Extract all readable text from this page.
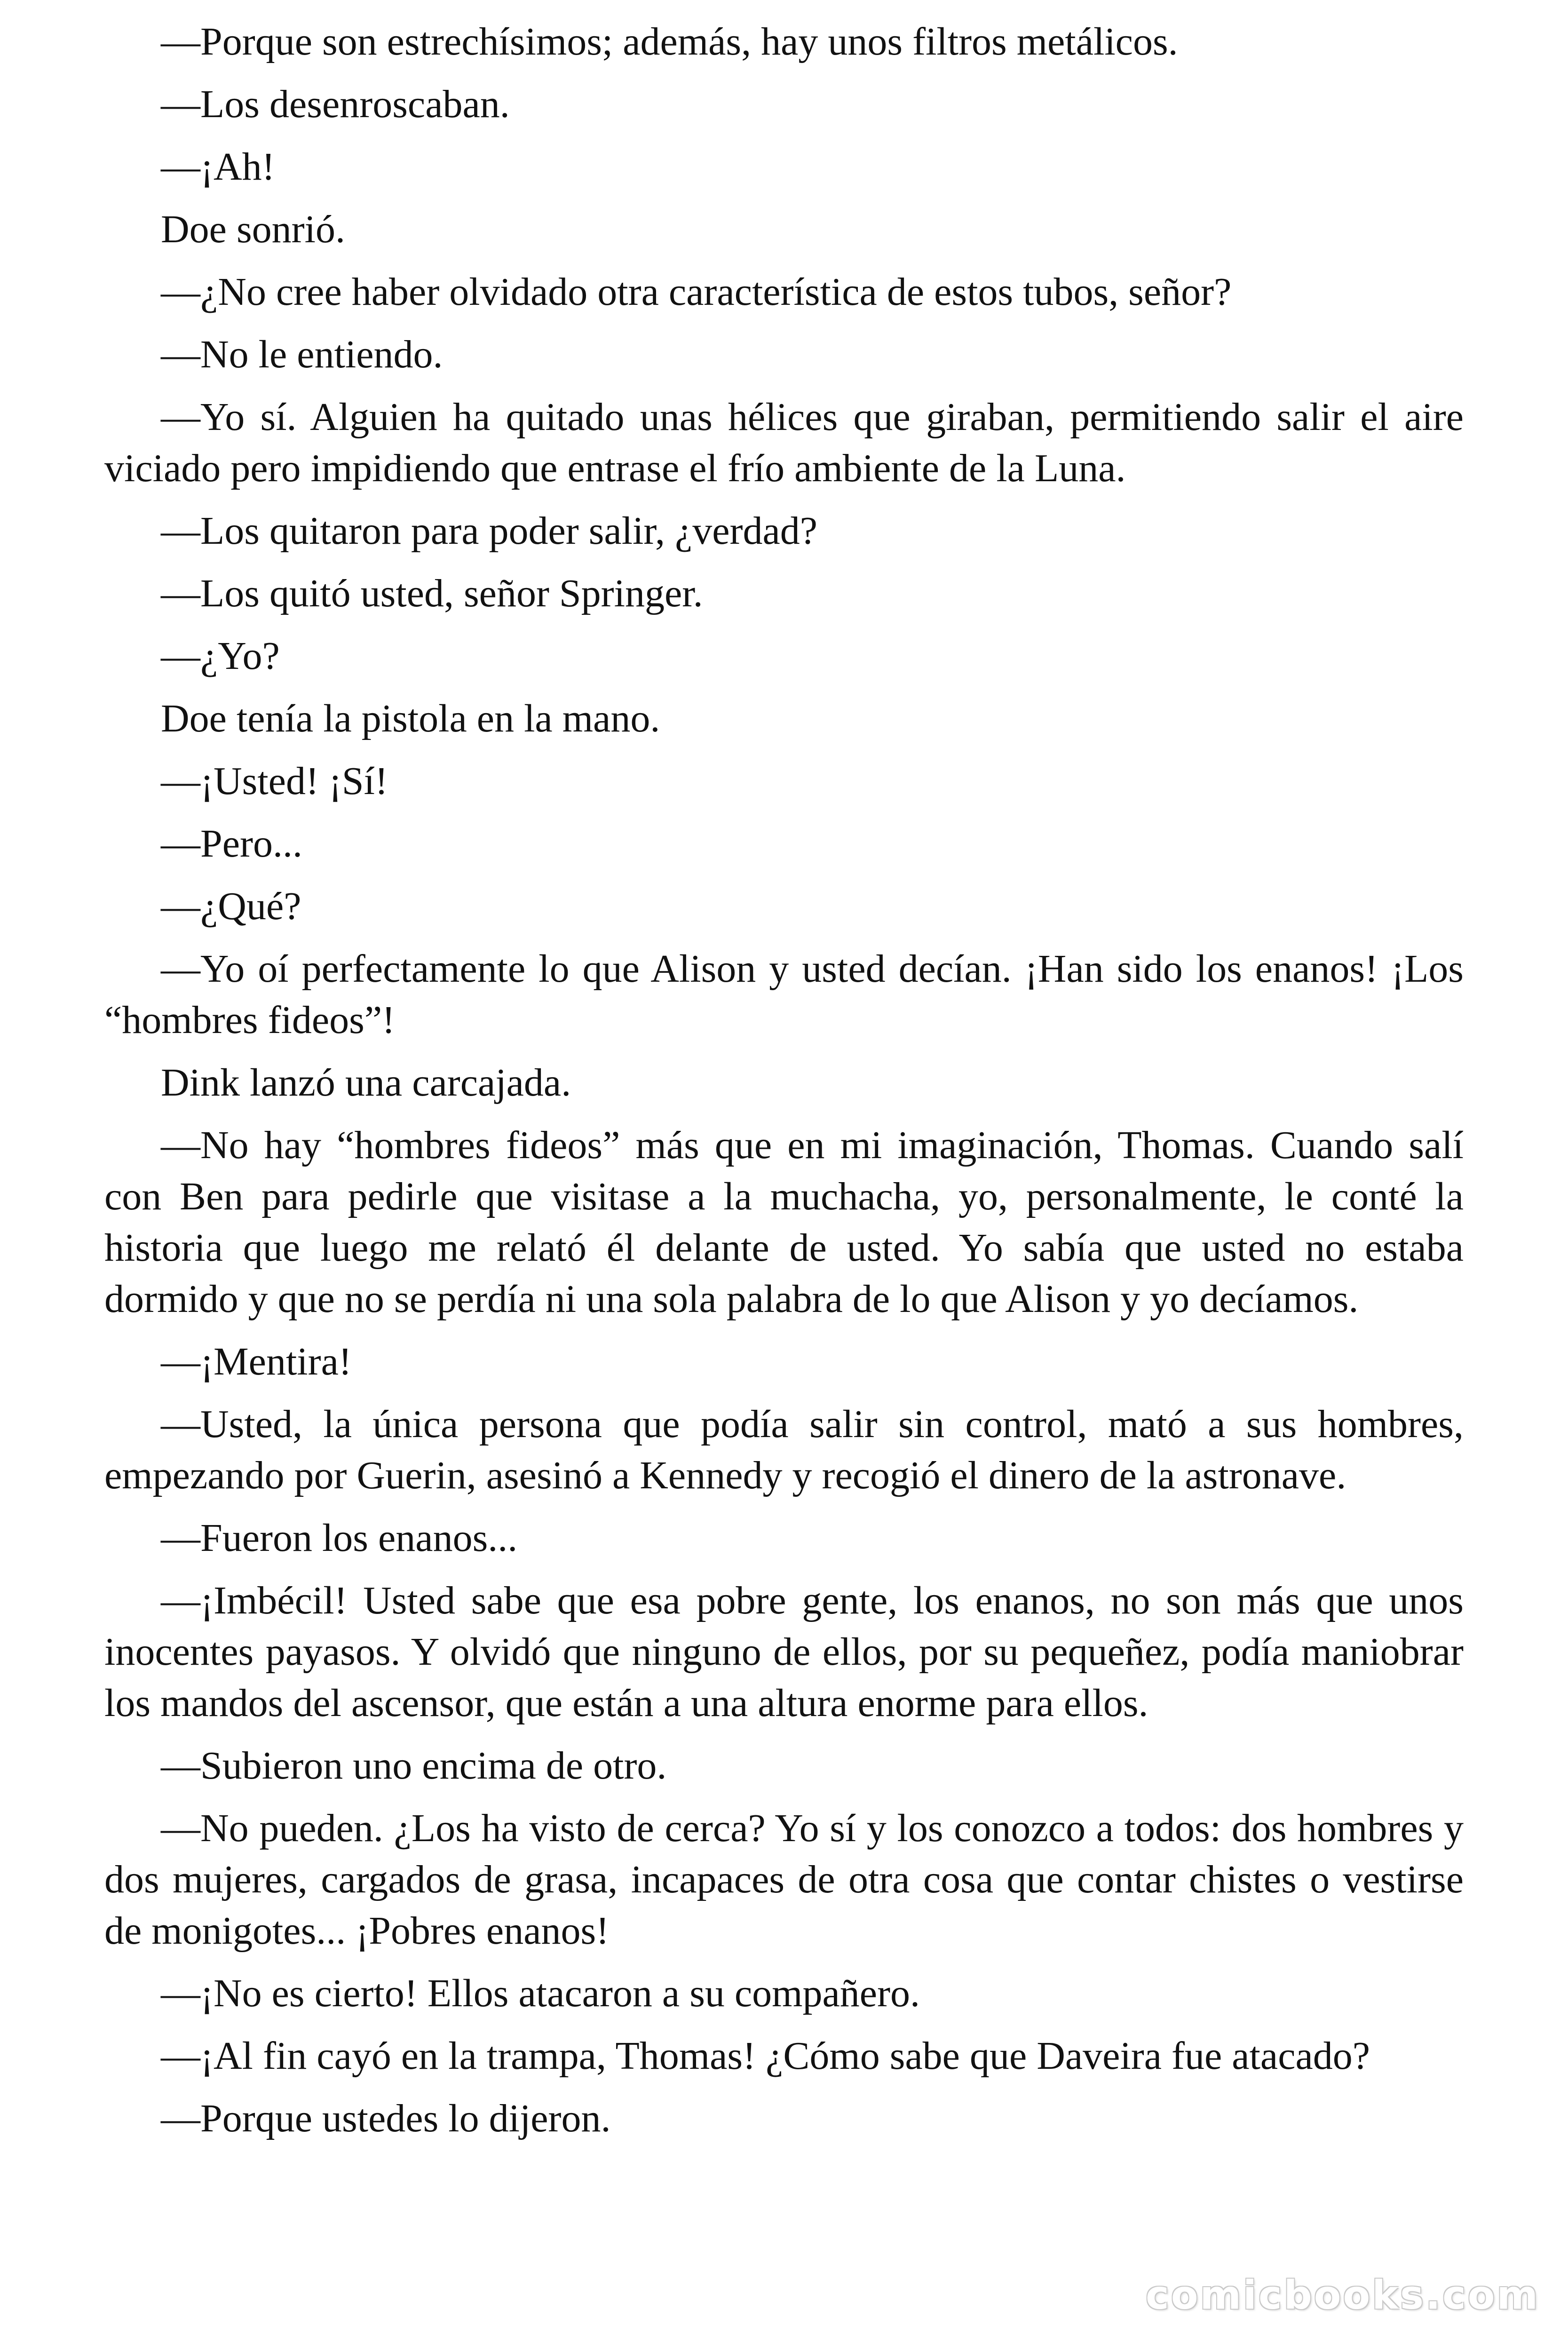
—Porque son estrechísimos; además, hay unos filtros metálicos.

—Los desenroscaban.

—¡Ah!

Doe sonrió.

—¿No cree haber olvidado otra característica de estos tubos, señor?

—No le entiendo.

—Yo sí. Alguien ha quitado unas hélices que giraban, permitiendo salir el aire viciado pero impidiendo que entrase el frío ambiente de la Luna.

—Los quitaron para poder salir, ¿verdad?

—Los quitó usted, señor Springer.

—¿Yo?

Doe tenía la pistola en la mano.

—¡Usted! ¡Sí!

—Pero...

—¿Qué?

—Yo oí perfectamente lo que Alison y usted decían. ¡Han sido los enanos! ¡Los “hombres fideos”!

Dink lanzó una carcajada.

—No hay “hombres fideos” más que en mi imaginación, Thomas. Cuando salí con Ben para pedirle que visitase a la muchacha, yo, personalmente, le conté la historia que luego me relató él delante de usted. Yo sabía que usted no estaba dormido y que no se perdía ni una sola palabra de lo que Alison y yo decíamos.

—¡Mentira!

—Usted, la única persona que podía salir sin control, mató a sus hombres, empezando por Guerin, asesinó a Kennedy y recogió el dinero de la astronave.

—Fueron los enanos...

—¡Imbécil! Usted sabe que esa pobre gente, los enanos, no son más que unos inocentes payasos. Y olvidó que ninguno de ellos, por su pequeñez, podía maniobrar los mandos del ascensor, que están a una altura enorme para ellos.

—Subieron uno encima de otro.

—No pueden. ¿Los ha visto de cerca? Yo sí y los conozco a todos: dos hombres y dos mujeres, cargados de grasa, incapaces de otra cosa que contar chistes o vestirse de monigotes... ¡Pobres enanos!

—¡No es cierto! Ellos atacaron a su compañero.

—¡Al fin cayó en la trampa, Thomas! ¿Cómo sabe que Daveira fue atacado?

—Porque ustedes lo dijeron.

comicbooks.com
